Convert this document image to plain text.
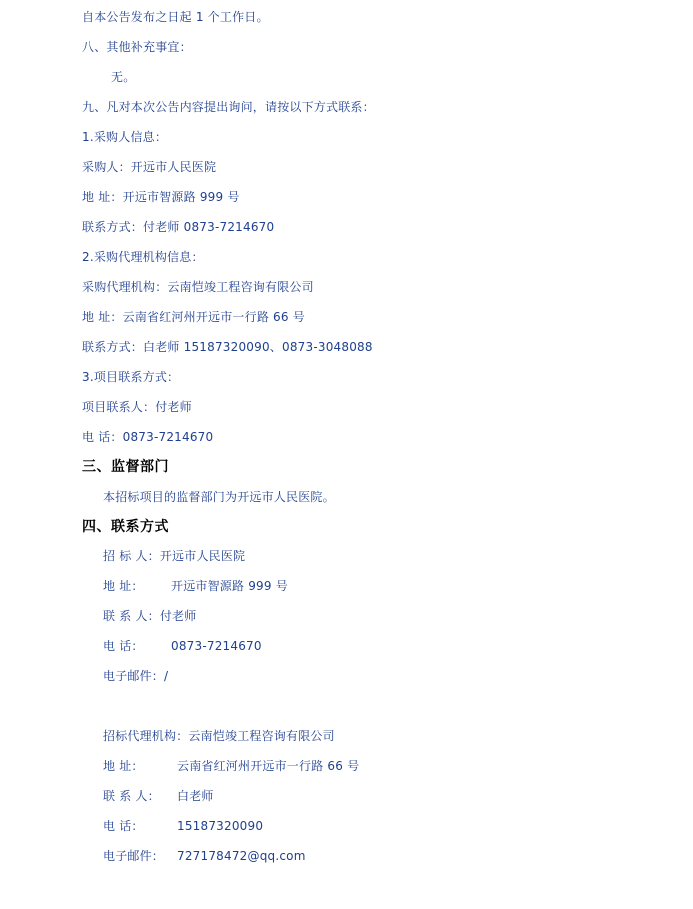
自本公告发布之日起 1 个工作日。
八、其他补充事宜：
无。
九、凡对本次公告内容提出询问，请按以下方式联系：
1.采购人信息：
采购人：开远市人民医院
地 址：开远市智源路 999 号
联系方式：付老师 0873-7214670
2.采购代理机构信息：
采购代理机构：云南恺竣工程咨询有限公司
地 址：云南省红河州开远市一行路 66 号
联系方式：白老师 15187320090、0873-3048088
3.项目联系方式：
项目联系人：付老师
电 话：0873-7214670
三、监督部门
本招标项目的监督部门为开远市人民医院。
四、联系方式
招 标 人：开远市人民医院
地 址： 开远市智源路 999 号
联 系 人：付老师
电 话： 0873-7214670
电子邮件：/
招标代理机构：云南恺竣工程咨询有限公司
地 址：	云南省红河州开远市一行路 66 号
联 系 人： 白老师
电 话：	15187320090
电子邮件： 727178472@qq.com
